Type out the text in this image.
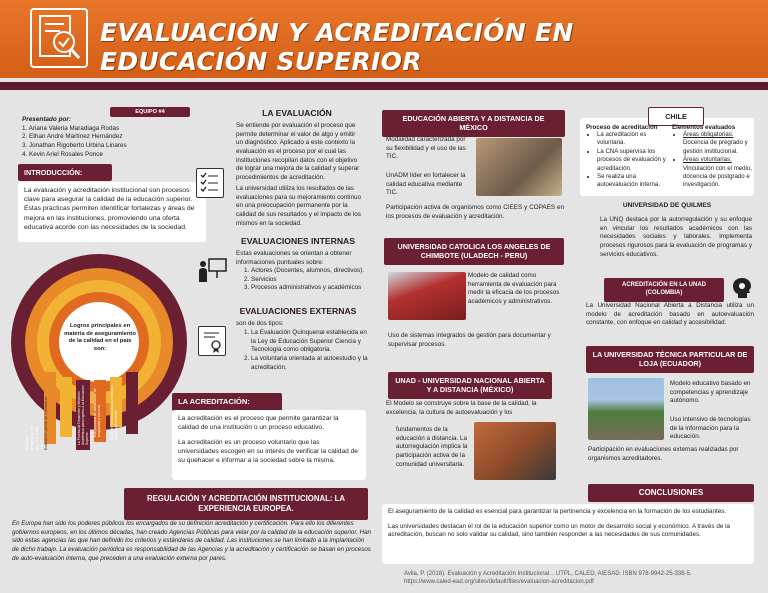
EVALUACIÓN Y ACREDITACIÓN EN EDUCACIÓN SUPERIOR
EQUIPO #4
Presentado por:
1. Ariana Valeria Maradiaga Rodas
2. Ethan André Martínez Hernández
3. Jonathan Rigoberto Urbina Linares
4. Kevin Ariel Rosales Ponce
INTRODUCCIÓN:
La evaluación y acreditación institucional son procesos clave para asegurar la calidad de la educación superior. Estas prácticas permiten identificar fortalezas y áreas de mejora en las instituciones, promoviendo una oferta educativa acorde con las necesidades de la sociedad.
Logros principales en materia de aseguramiento de la calidad en el país son:
Inclusión progresiva de los TLC y las TIC Evaluación parcial de indicadores	El papel nacional para la medición del aseguramiento
La Prueba de Desarrollo y Medición Académica para ingreso a la Educación Superior
Los procesos de acreditación de programas y carreras
LA EVALUACIÓN
Se entiende por evaluación el proceso que permite determinar el valor de algo y emitir un diagnóstico. Aplicado a este contexto la evaluación es el proceso por el cual las instituciones recopilan datos con el objetivo de lograr una mejora de la calidad y superar procedimientos de acreditación.
La universidad utiliza los resultados de las evaluaciones para su mejoramiento continuo en una preocupación permanente por la calidad de sus resultados y el impacto de los mismos en la sociedad.
EVALUACIONES INTERNAS
Estas evaluaciones se orientan a obtener informaciones puntuales sobre:
1. Actores (Docentes, alumnos, directivos).
2. Servicios
3. Procesos administrativos y académicos
EVALUACIONES EXTERNAS
son de dos tipos:
1. La Evaluación Quinquenal establecida en la Ley de Educación Superior Ciencia y Tecnología como obligatoria.
2. La voluntaria orientada al autoestudio y la acreditación.
LA ACREDITACIÓN:
La acreditación es el proceso que permite garantizar la calidad de una institución o un proceso educativo.
La acreditación es un proceso voluntario que las universidades escogen en su interés de verificar la calidad de su quehacer e informar a la sociedad sobre la misma.
REGULACIÓN Y ACREDITACIÓN INSTITUCIONAL: LA EXPERIENCIA EUROPEA.
En Europa han sido los poderes públicos los encargados de su definición acreditación y certificación. Para ello los diferentes gobiernos europeos, en los últimos décadas, han creado Agencias Públicas para velar por la calidad de la educación superior. Han sido estas agencias las que han definido los criterios y estándares de calidad. Las instituciones se han limitado a la implantación de dicho trabajo. La evaluación periódica es responsabilidad de las Agencias y la acreditación y certificación se basan en procesos de auto-evaluación interna, que preceden a una evaluación externa por pares.
EDUCACIÓN ABIERTA Y A DISTANCIA DE MÉXICO
Modalidad caracterizada por su flexibilidad y el uso de las TIC.
UnADM líder en fortalecer la calidad educativa mediante TIC.
Participación activa de organismos como CIEES y COPAES en los procesos de evaluación y acreditación.
UNIVERSIDAD CATOLICA LOS ANGELES DE CHIMBOTE (ULADECH - PERU)
Modelo de calidad como herramienta de evaluación para medir la eficacia de los procesos académicos y administrativos.
Uso de sistemas integrados de gestión para documentar y supervisar procesos.
UNAD - UNIVERSIDAD NACIONAL ABIERTA Y A DISTANCIA (MÉXICO)
El Modelo se construye sobre la base de la calidad, la excelencia, la cultura de autoevaluación y los
fundamentos de la educación a distancia. La autorregulación implica la participación activa de la comunidad universitaria.
CHILE
Proceso de acreditación
• La acreditación es voluntaria.
• La CNA supervisa los procesos de evaluación y acreditación.
• Se realiza una autoevaluación interna.
Elementos evaluados
• Áreas obligatorias:
Docencia de pregrado y gestión institucional.
• Áreas voluntarias:
Vinculación con el medio, docencia de postgrado e investigación.
UNIVERSIDAD DE QUILMES
La UNQ destaca por la autorregulación y su enfoque en vincular los resultados académicos con las necesidades sociales y laborales. Implementa procesos rigurosos para la evaluación de programas y servicios educativos.
ACREDITACIÓN EN LA UNAD (COLOMBIA)
La Universidad Nacional Abierta a Distancia utiliza un modelo de acreditación basado en autoevaluación constante, con enfoque en calidad y accesibilidad.
LA UNIVERSIDAD TÉCNICA PARTICULAR DE LOJA (ECUADOR)
Modelo educativo basado en competencias y aprendizaje autónomo.
Uso intensivo de tecnologías de la información para la educación.
Participación en evaluaciones externas realizadas por organismos acreditadores.
CONCLUSIONES
El aseguramiento de la calidad es esencial para garantizar la pertinencia y excelencia en la formación de los estudiantes.
Las universidades destacan el rol de la educación superior como un motor de desarrollo social y económico. A través de la acreditación, buscan no solo validar su calidad, sino también responder a las necesidades de sus comunidades.
Avila, P. (2018). Evaluación y Acreditación Institucional. . UTPL, CALED, AIESAD. ISBN 978-9942-25-338-5.
https://www.caled-ead.org/sites/default/files/evaluacion-acreditacion.pdf
